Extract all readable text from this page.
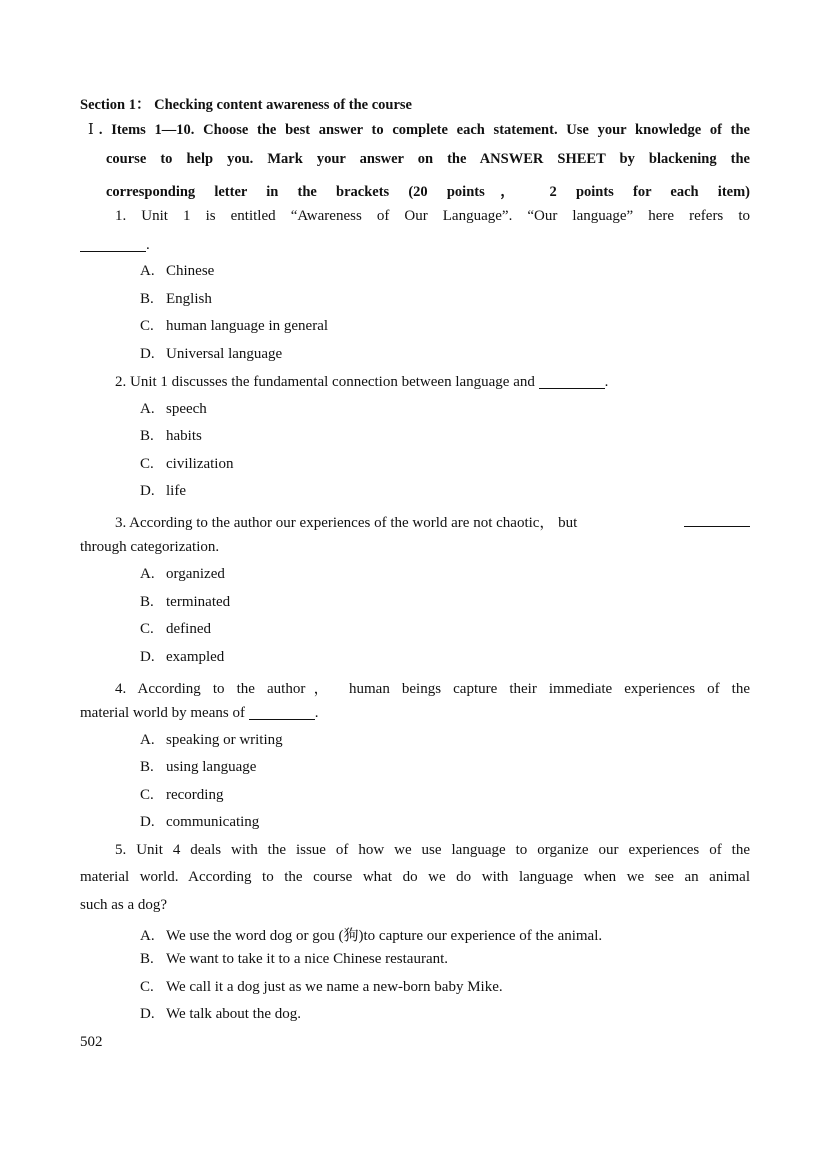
Section 1： Checking content awareness of the course
Ⅰ. Items 1—10. Choose the best answer to complete each statement. Use your knowledge of the
course to help you. Mark your answer on the ANSWER SHEET by blackening the
corresponding letter in the brackets (20 points， 2 points for each item)
1. Unit 1 is entitled “Awareness of Our Language”. “Our language” here refers to
.
A. Chinese
B. English
C. human language in general
D. Universal language
2. Unit 1 discusses the fundamental connection between language and	.
A. speech
B. habits
C. civilization
D. life
3. According to the author our experiences of the world are not chaotic， but
through categorization.
A. organized
B. terminated
C. defined
D. exampled
4. According to the author， human beings capture their immediate experiences of the
material world by means of	.
A. speaking or writing
B. using language
C. recording
D. communicating
5. Unit 4 deals with the issue of how we use language to organize our experiences of the
material world. According to the course what do we do with language when we see an animal
such as a dog?
A. We use the word dog or gou (狗)to capture our experience of the animal.
B. We want to take it to a nice Chinese restaurant.
C. We call it a dog just as we name a new-born baby Mike.
D. We talk about the dog.
502
